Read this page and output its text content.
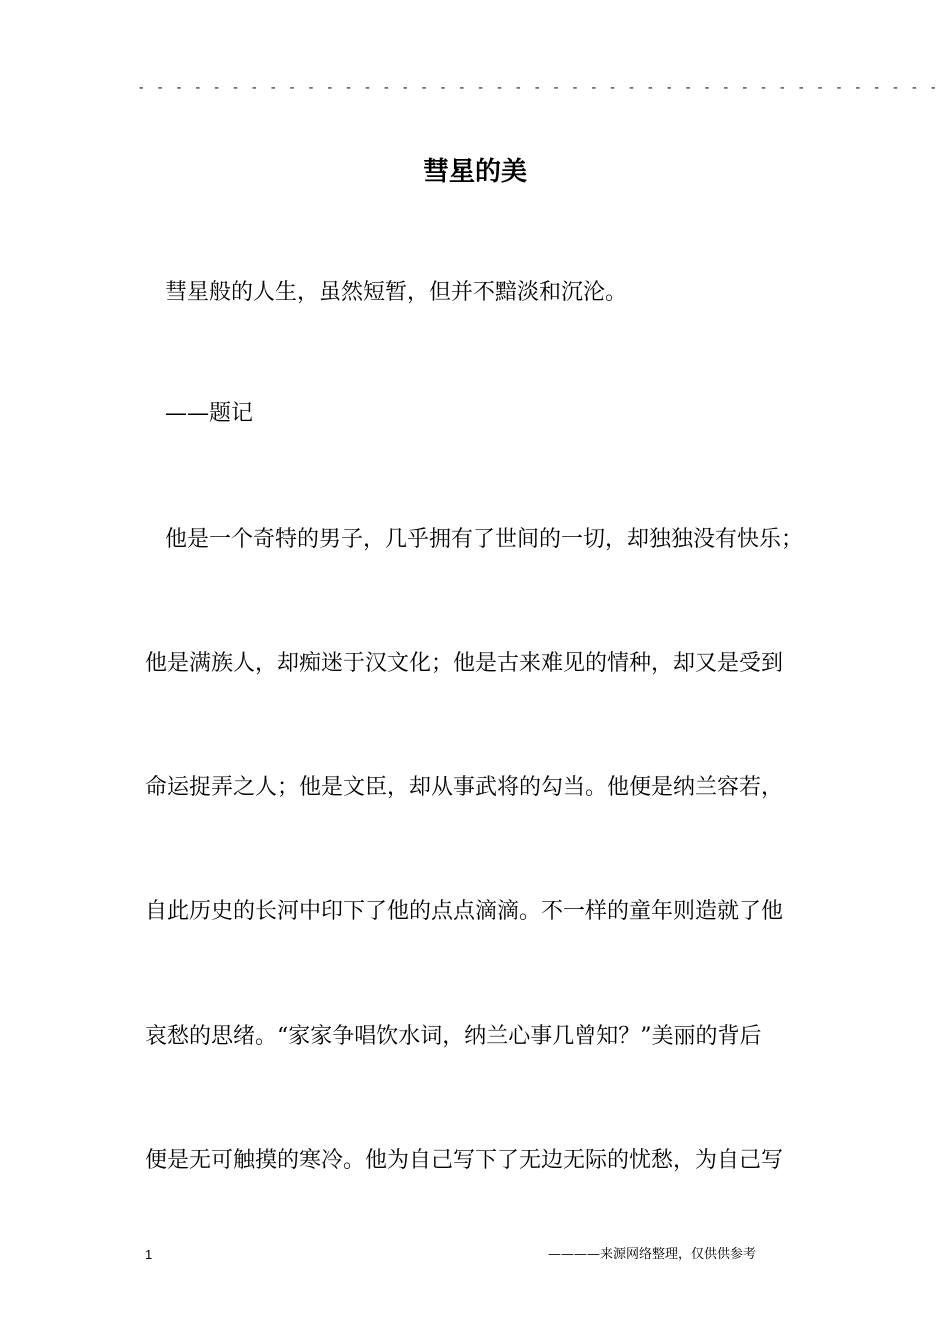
- - - - - - - - - - - - - - - - - - - - - - - - - - - - - - - - - - - - - - - - - - -
彗星的美
彗星般的人生，虽然短暂，但并不黯淡和沉沦。
——题记
他是一个奇特的男子，几乎拥有了世间的一切，却独独没有快乐；
他是满族人，却痴迷于汉文化；他是古来难见的情种，却又是受到
命运捉弄之人；他是文臣，却从事武将的勾当。他便是纳兰容若，
自此历史的长河中印下了他的点点滴滴。不一样的童年则造就了他
哀愁的思绪。“家家争唱饮水词，纳兰心事几曾知？”美丽的背后
便是无可触摸的寒冷。他为自己写下了无边无际的忧愁，为自己写
1	————来源网络整理，仅供供参考
